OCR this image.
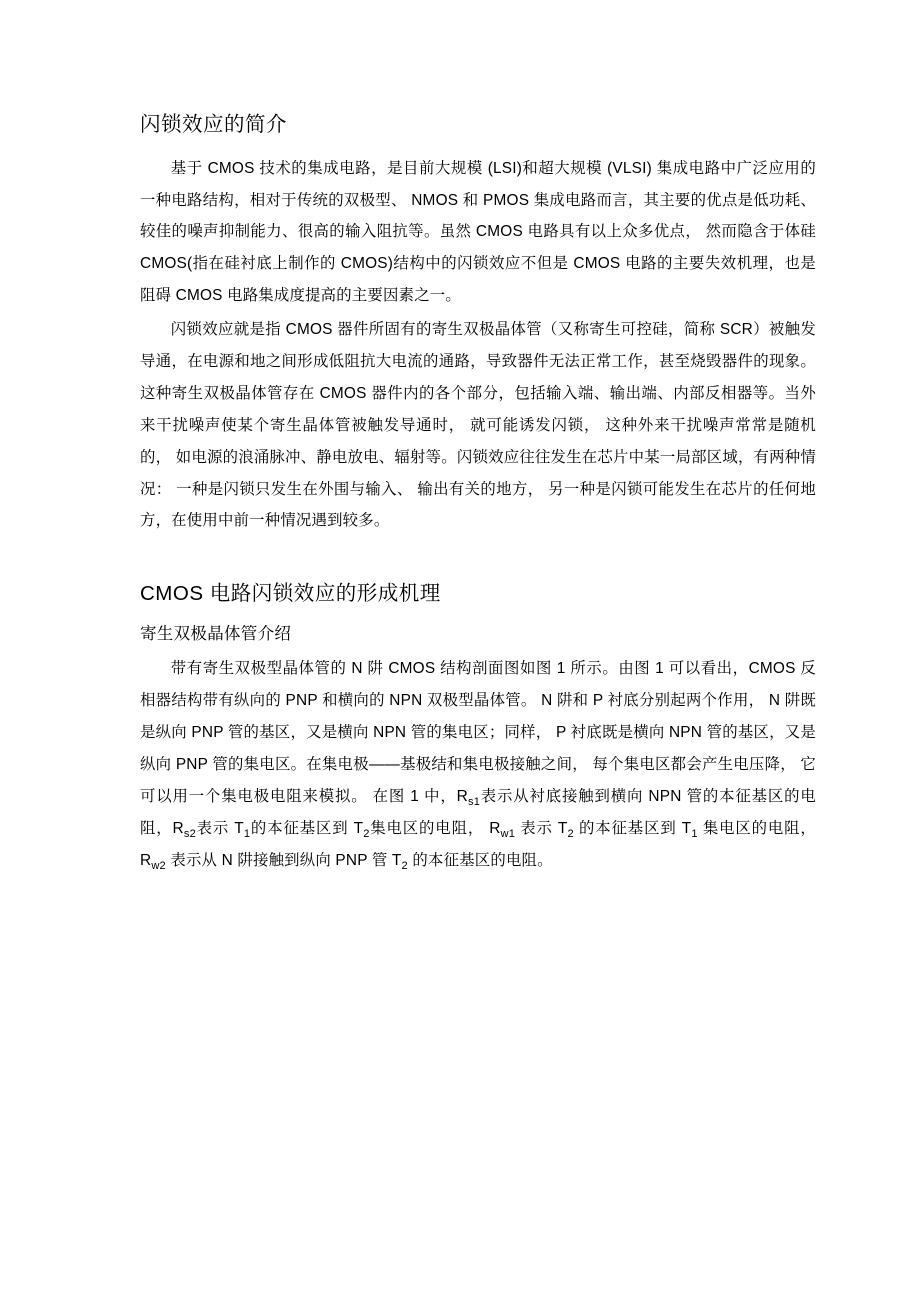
闪锁效应的简介

基于 CMOS 技术的集成电路，是目前大规模 (LSI)和超大规模 (VLSI) 集成电路中广泛应用的一种电路结构，相对于传统的双极型、 NMOS 和 PMOS 集成电路而言，其主要的优点是低功耗、较佳的噪声抑制能力、很高的输入阻抗等。虽然 CMOS 电路具有以上众多优点， 然而隐含于体硅 CMOS(指在硅衬底上制作的 CMOS)结构中的闪锁效应不但是 CMOS 电路的主要失效机理，也是阻碍 CMOS 电路集成度提高的主要因素之一。

闪锁效应就是指 CMOS 器件所固有的寄生双极晶体管（又称寄生可控硅，简称 SCR）被触发导通，在电源和地之间形成低阻抗大电流的通路，导致器件无法正常工作，甚至烧毁器件的现象。这种寄生双极晶体管存在 CMOS 器件内的各个部分，包括输入端、输出端、内部反相器等。当外来干扰噪声使某个寄生晶体管被触发导通时， 就可能诱发闪锁， 这种外来干扰噪声常常是随机的， 如电源的浪涌脉冲、静电放电、辐射等。闪锁效应往往发生在芯片中某一局部区域，有两种情况： 一种是闪锁只发生在外围与输入、 输出有关的地方， 另一种是闪锁可能发生在芯片的任何地方，在使用中前一种情况遇到较多。

CMOS 电路闪锁效应的形成机理
寄生双极晶体管介绍

带有寄生双极型晶体管的 N 阱 CMOS 结构剖面图如图 1 所示。由图 1 可以看出，CMOS 反相器结构带有纵向的 PNP 和横向的 NPN 双极型晶体管。 N 阱和 P 衬底分别起两个作用， N 阱既是纵向 PNP 管的基区，又是横向 NPN 管的集电区；同样， P 衬底既是横向 NPN 管的基区，又是纵向 PNP 管的集电区。在集电极——基极结和集电极接触之间， 每个集电区都会产生电压降， 它可以用一个集电极电阻来模拟。 在图 1 中，$R_{s1}$表示从衬底接触到横向 NPN 管的本征基区的电阻，$R_{s2}$表示 $T_1$的本征基区到 $T_2$集电区的电阻， $R_{w1}$ 表示 $T_2$ 的本征基区到 $T_1$ 集电区的电阻， $R_{w2}$ 表示从 N 阱接触到纵向 PNP 管 $T_2$ 的本征基区的电阻。
